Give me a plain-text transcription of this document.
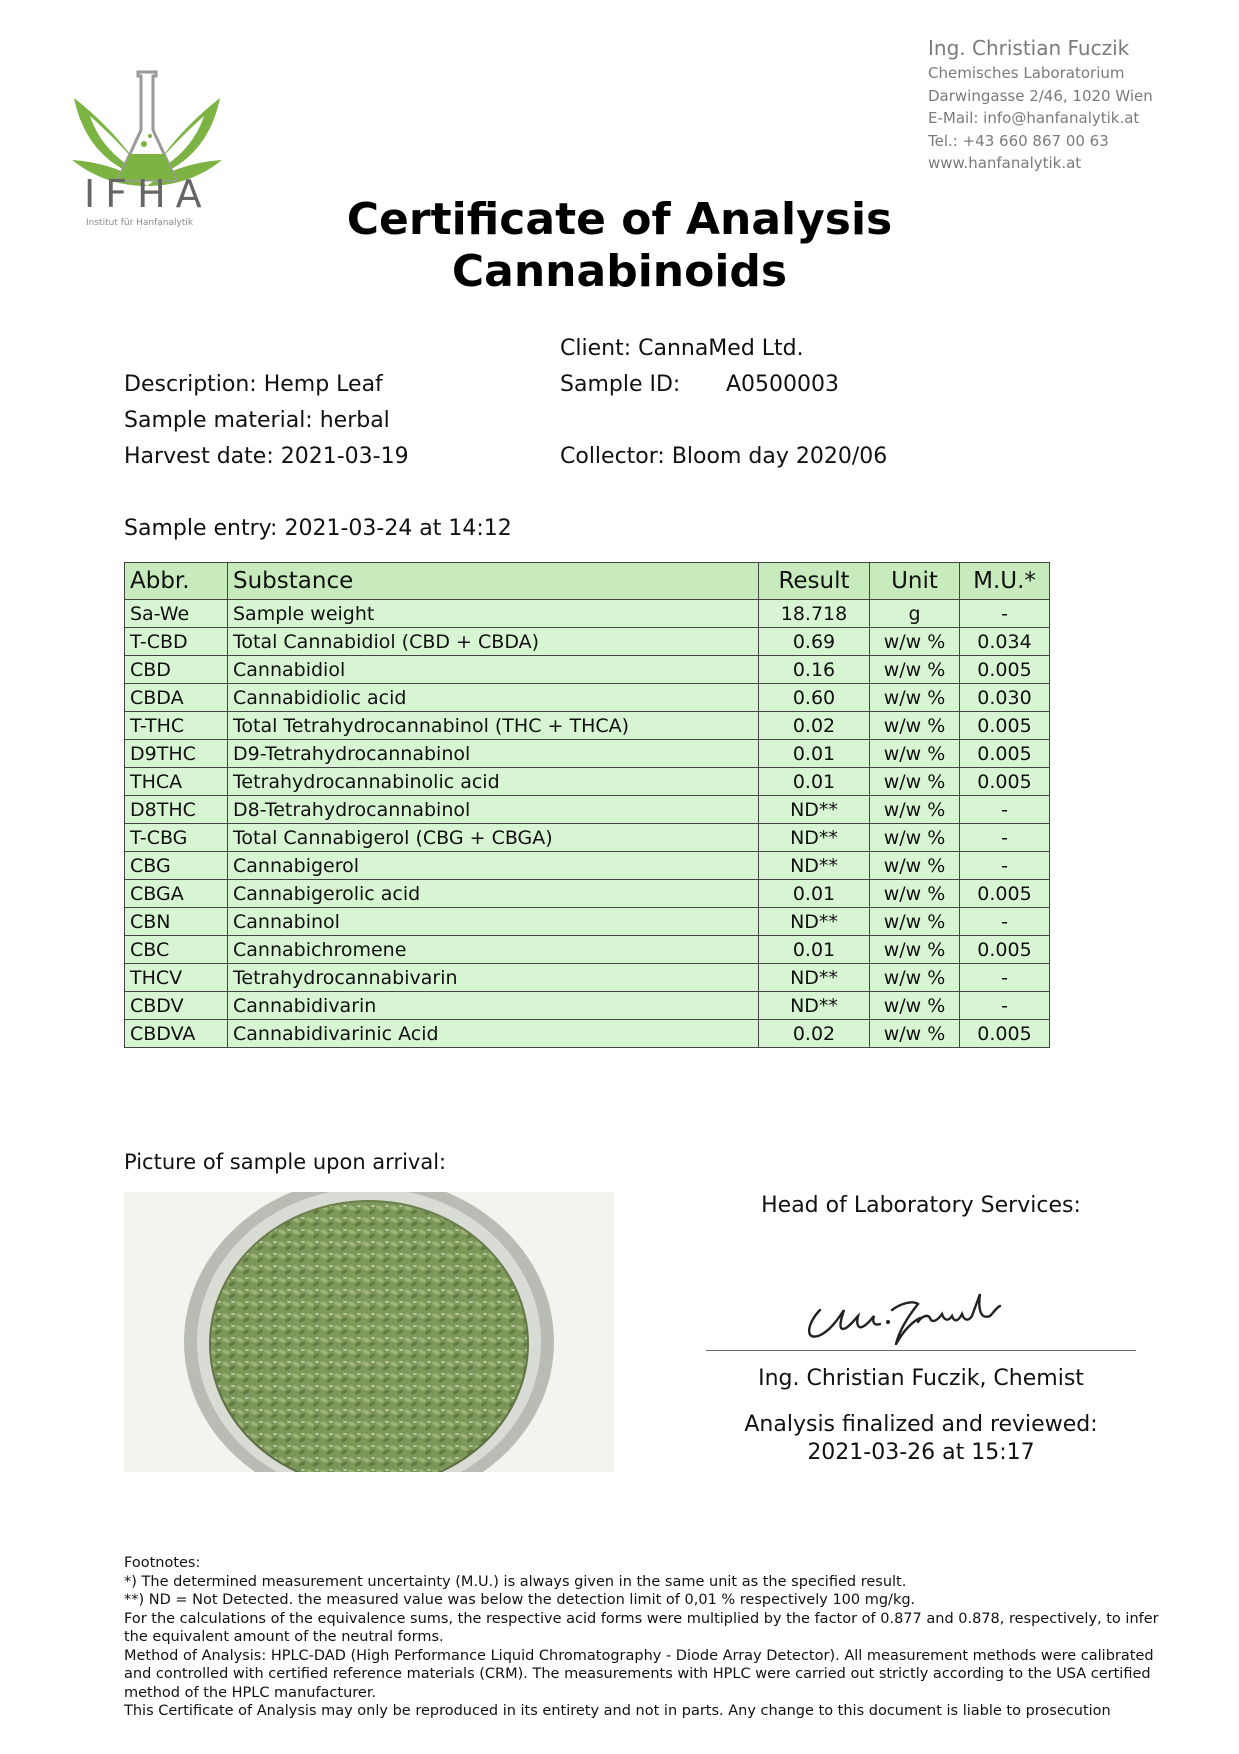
IFHA
Institut für Hanfanalytik
Ing. Christian Fuczik
Chemisches Laboratorium
Darwingasse 2/46, 1020 Wien
E-Mail: info@hanfanalytik.at
Tel.: +43 660 867 00 63
www.hanfanalytik.at
Certificate of Analysis
Cannabinoids
Client: CannaMed Ltd.
Description: Hemp Leaf	Sample ID: A0500003
Sample material: herbal
Harvest date: 2021-03-19	Collector: Bloom day 2020/06
Sample entry: 2021-03-24 at 14:12
Abbr.	Substance	Result	Unit	M.U.*
Sa-We	Sample weight	18.718	g	-
T-CBD	Total Cannabidiol (CBD + CBDA)	0.69	w/w %	0.034
CBD	Cannabidiol	0.16	w/w %	0.005
CBDA	Cannabidiolic acid	0.60	w/w %	0.030
T-THC	Total Tetrahydrocannabinol (THC + THCA)	0.02	w/w %	0.005
D9THC	D9-Tetrahydrocannabinol	0.01	w/w %	0.005
THCA	Tetrahydrocannabinolic acid	0.01	w/w %	0.005
D8THC	D8-Tetrahydrocannabinol	ND**	w/w %	-
T-CBG	Total Cannabigerol (CBG + CBGA)	ND**	w/w %	-
CBG	Cannabigerol	ND**	w/w %	-
CBGA	Cannabigerolic acid	0.01	w/w %	0.005
CBN	Cannabinol	ND**	w/w %	-
CBC	Cannabichromene	0.01	w/w %	0.005
THCV	Tetrahydrocannabivarin	ND**	w/w %	-
CBDV	Cannabidivarin	ND**	w/w %	-
CBDVA	Cannabidivarinic Acid	0.02	w/w %	0.005
Picture of sample upon arrival:
Head of Laboratory Services:
Ing. Christian Fuczik, Chemist
Analysis finalized and reviewed:
2021-03-26 at 15:17
Footnotes:
*) The determined measurement uncertainty (M.U.) is always given in the same unit as the specified result.
**) ND = Not Detected. the measured value was below the detection limit of 0,01 % respectively 100 mg/kg.
For the calculations of the equivalence sums, the respective acid forms were multiplied by the factor of 0.877 and 0.878, respectively, to infer the equivalent amount of the neutral forms.
Method of Analysis: HPLC-DAD (High Performance Liquid Chromatography - Diode Array Detector). All measurement methods were calibrated and controlled with certified reference materials (CRM). The measurements with HPLC were carried out strictly according to the USA certified method of the HPLC manufacturer.
This Certificate of Analysis may only be reproduced in its entirety and not in parts. Any change to this document is liable to prosecution
